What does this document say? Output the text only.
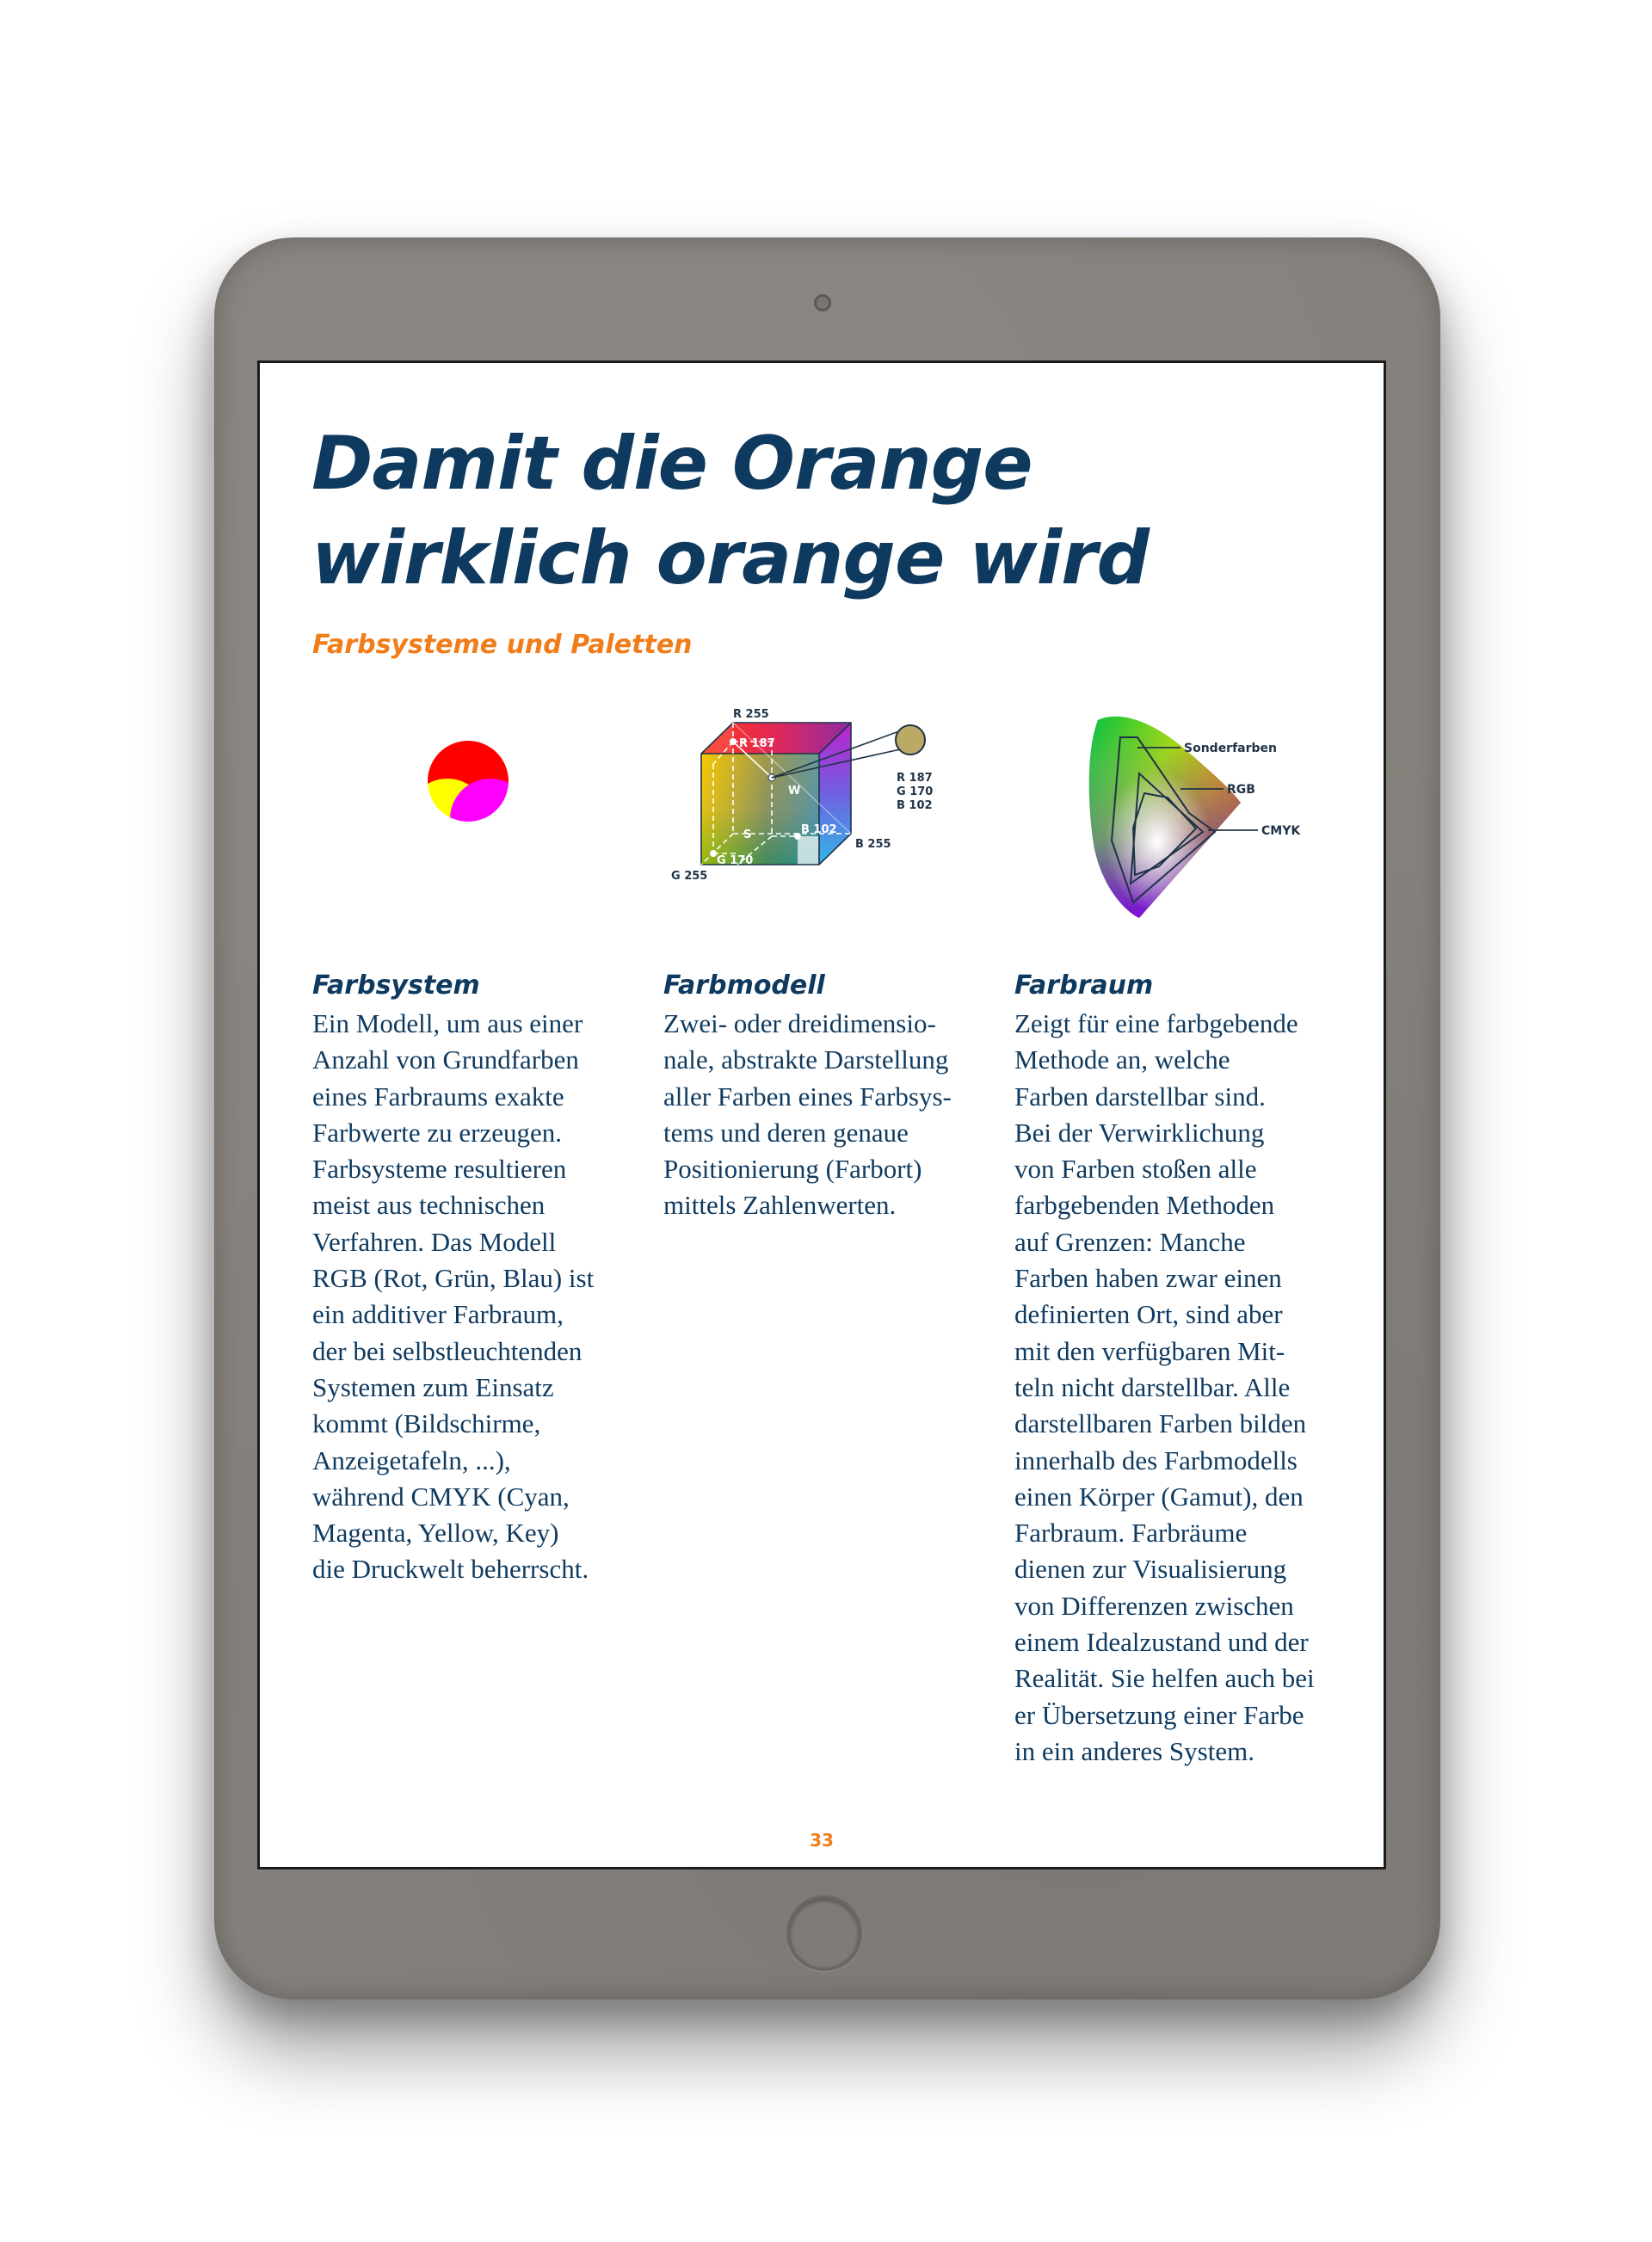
Damit die Orange
wirklich orange wird

Farbsysteme und Paletten

R 255
R 187
W
S	B 102
B 255
G 170
G 255
R 187
G 170
B 102
Sonderfarben
RGB
CMYK
Farbsystem

Ein Modell, um aus einer
Anzahl von Grundfarben
eines Farbraums exakte
Farbwerte zu erzeugen.
Farbsysteme resultieren
meist aus technischen
Verfahren. Das Modell
RGB (Rot, Grün, Blau) ist
ein additiver Farbraum,
der bei selbstleuchtenden
Systemen zum Einsatz
kommt (Bildschirme,
Anzeigetafeln, ...),
während CMYK (Cyan,
Magenta, Yellow, Key)
die Druckwelt beherrscht.

Farbmodell

Zwei- oder dreidimensio-
nale, abstrakte Darstellung
aller Farben eines Farbsys-
tems und deren genaue
Positionierung (Farbort)
mittels Zahlenwerten.

Farbraum

Zeigt für eine farbgebende
Methode an, welche
Farben darstellbar sind.
Bei der Verwirklichung
von Farben stoßen alle
farbgebenden Methoden
auf Grenzen: Manche
Farben haben zwar einen
definierten Ort, sind aber
mit den verfügbaren Mit-
teln nicht darstellbar. Alle
darstellbaren Farben bilden
innerhalb des Farbmodells
einen Körper (Gamut), den
Farbraum. Farbräume
dienen zur Visualisierung
von Differenzen zwischen
einem Idealzustand und der
Realität. Sie helfen auch bei
er Übersetzung einer Farbe
in ein anderes System.

33
